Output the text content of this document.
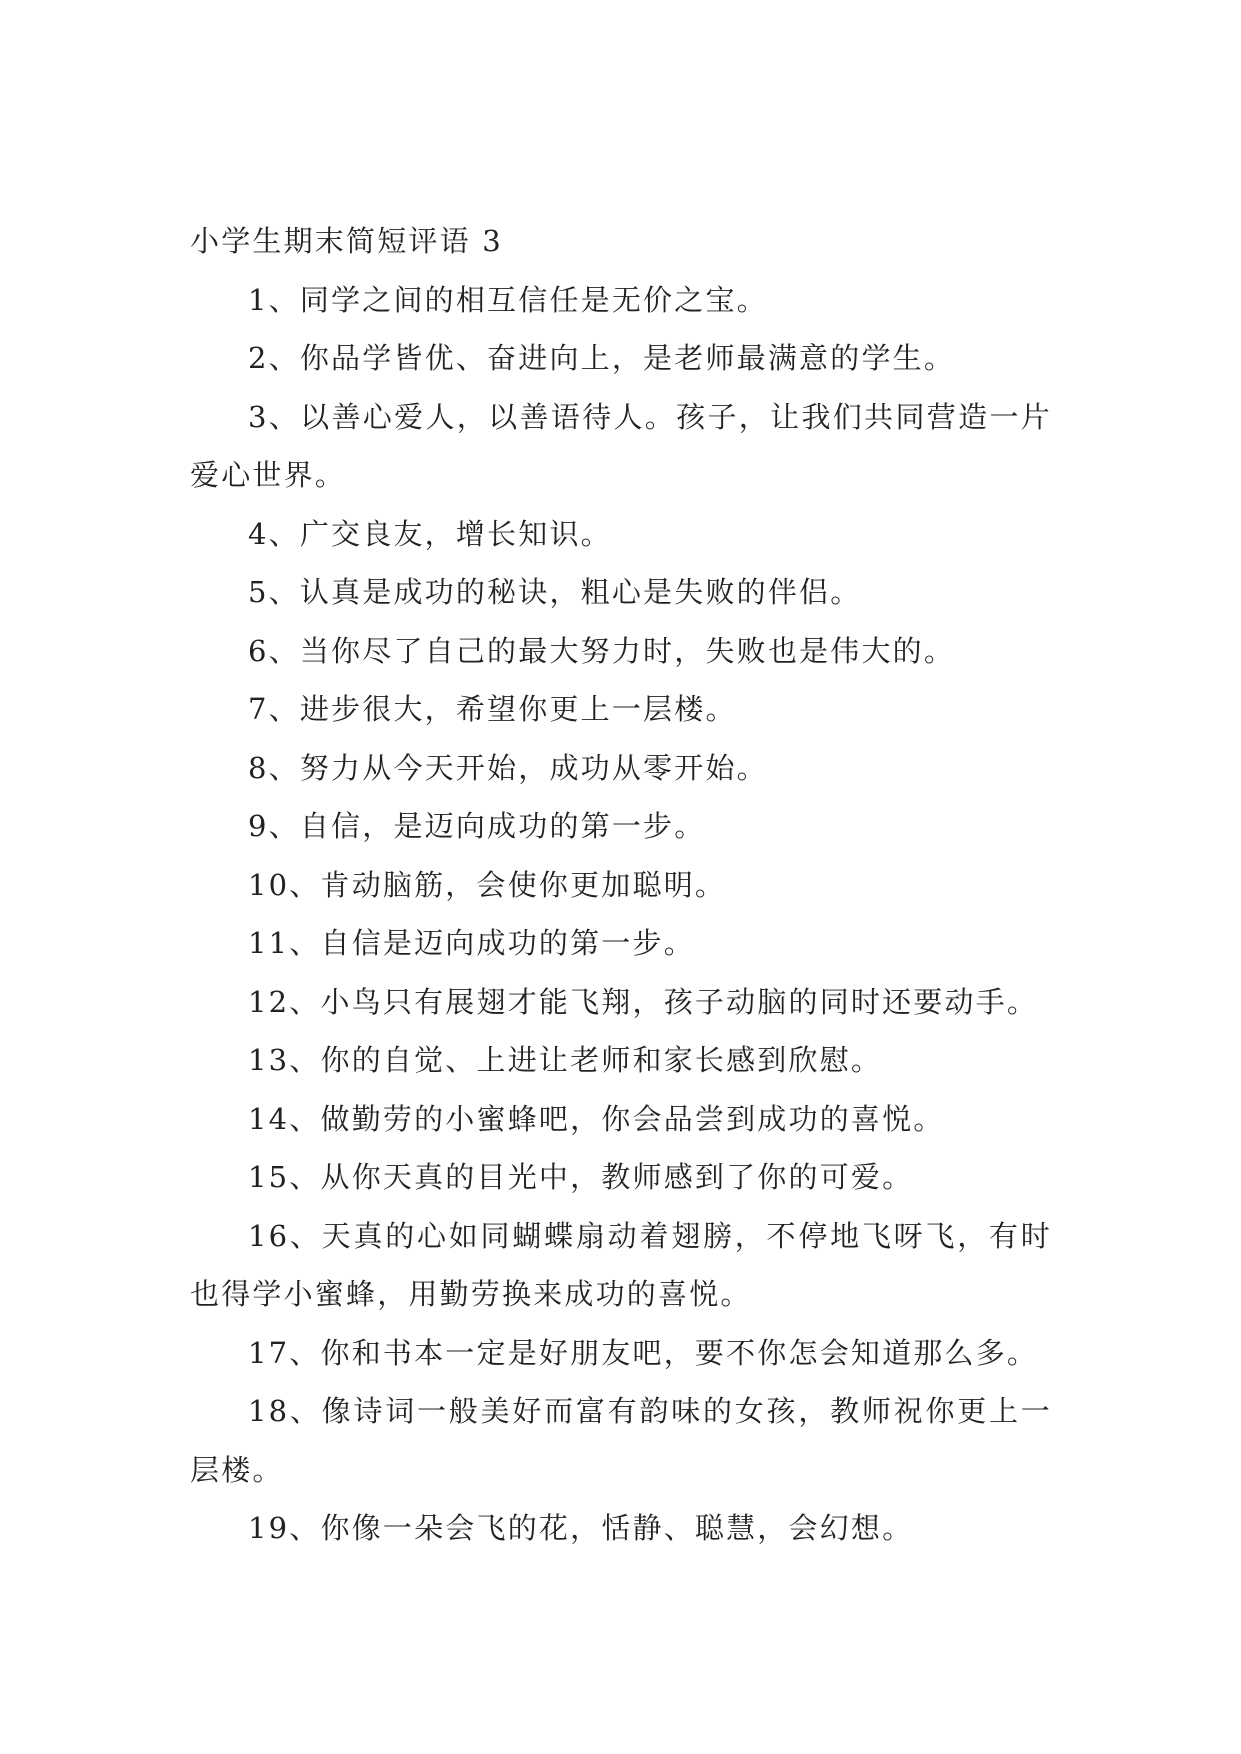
小学生期末简短评语 3

1、同学之间的相互信任是无价之宝。

2、你品学皆优、奋进向上，是老师最满意的学生。

3、以善心爱人，以善语待人。孩子，让我们共同营造一片爱心世界。

4、广交良友，增长知识。

5、认真是成功的秘诀，粗心是失败的伴侣。

6、当你尽了自己的最大努力时，失败也是伟大的。

7、进步很大，希望你更上一层楼。

8、努力从今天开始，成功从零开始。

9、自信，是迈向成功的第一步。

10、肯动脑筋，会使你更加聪明。

11、自信是迈向成功的第一步。

12、小鸟只有展翅才能飞翔，孩子动脑的同时还要动手。

13、你的自觉、上进让老师和家长感到欣慰。

14、做勤劳的小蜜蜂吧，你会品尝到成功的喜悦。

15、从你天真的目光中，教师感到了你的可爱。

16、天真的心如同蝴蝶扇动着翅膀，不停地飞呀飞，有时也得学小蜜蜂，用勤劳换来成功的喜悦。

17、你和书本一定是好朋友吧，要不你怎会知道那么多。

18、像诗词一般美好而富有韵味的女孩，教师祝你更上一层楼。

19、你像一朵会飞的花，恬静、聪慧，会幻想。
